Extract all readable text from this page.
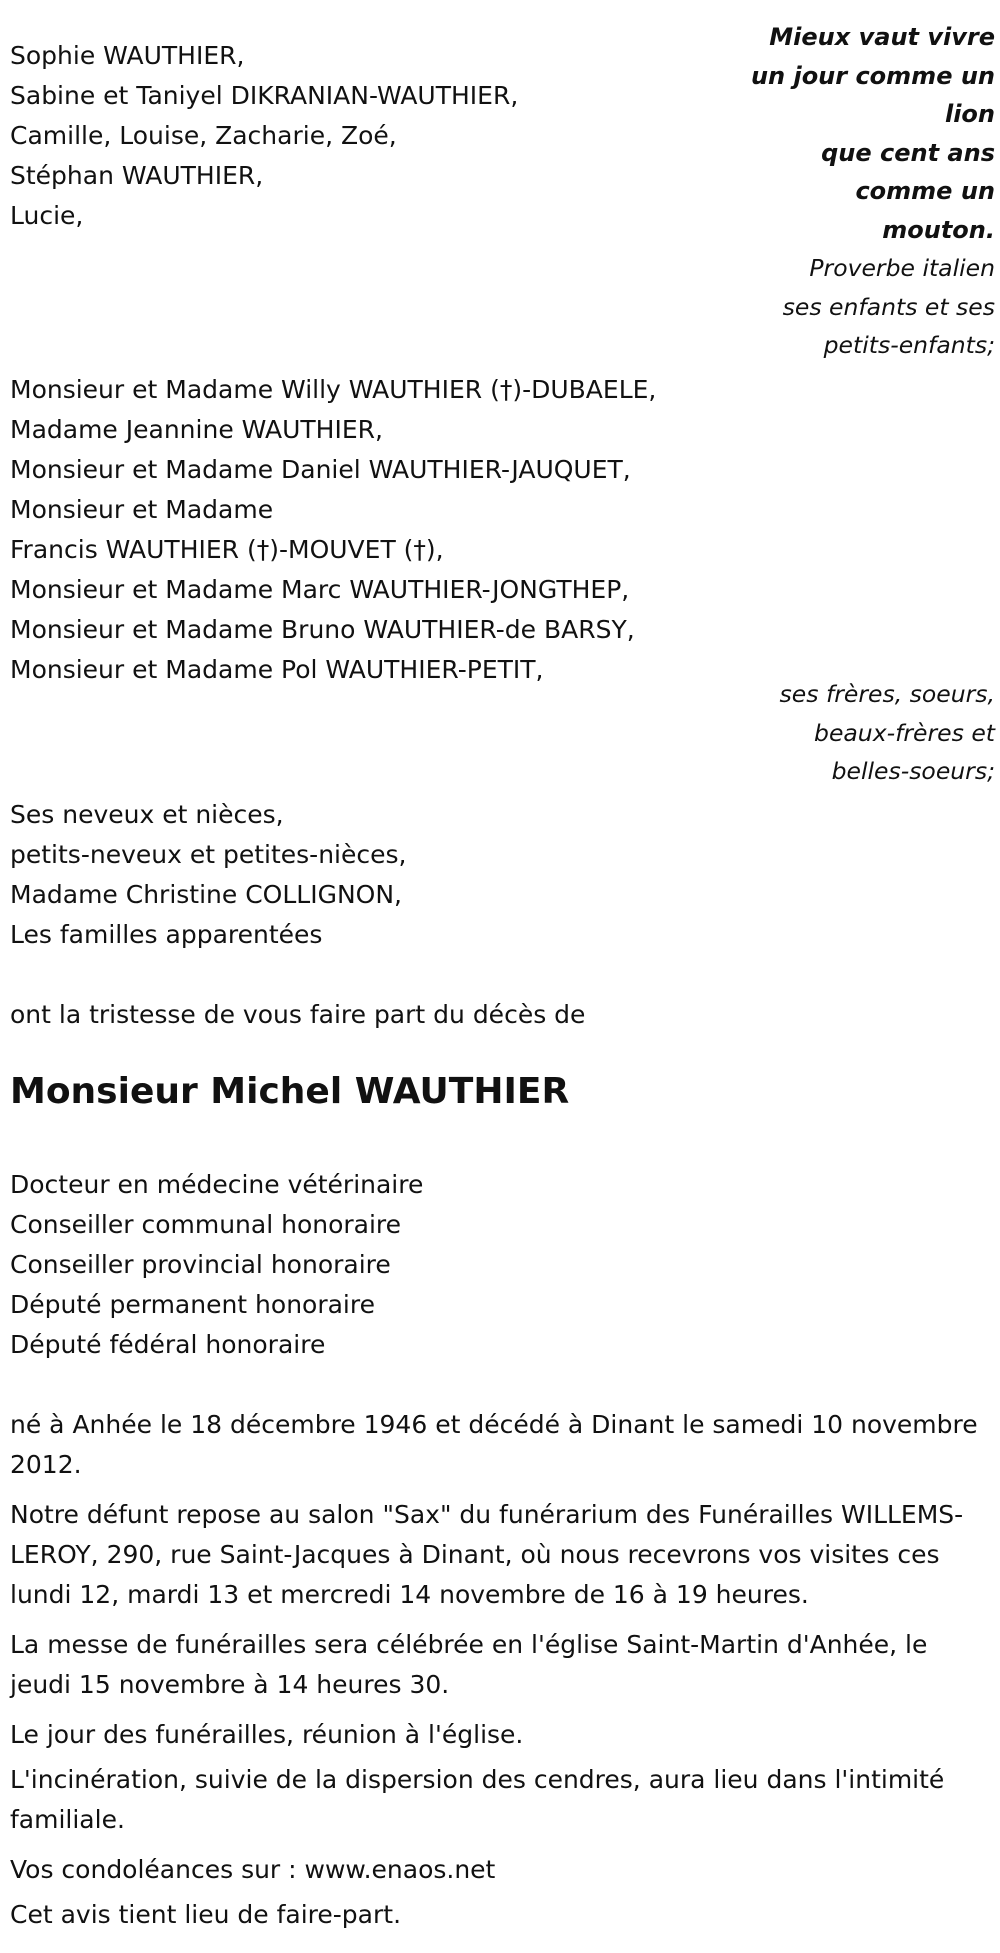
Sophie WAUTHIER,
Sabine et Taniyel DIKRANIAN-WAUTHIER,
Camille, Louise, Zacharie, Zoé,
Stéphan WAUTHIER,
Lucie,
Mieux vaut vivre
un jour comme un
lion
que cent ans
comme un
mouton.
Proverbe italien
ses enfants et ses
petits-enfants;
Monsieur et Madame Willy WAUTHIER (†)-DUBAELE,
Madame Jeannine WAUTHIER,
Monsieur et Madame Daniel WAUTHIER-JAUQUET,
Monsieur et Madame
Francis WAUTHIER (†)-MOUVET (†),
Monsieur et Madame Marc WAUTHIER-JONGTHEP,
Monsieur et Madame Bruno WAUTHIER-de BARSY,
Monsieur et Madame Pol WAUTHIER-PETIT,
ses frères, soeurs,
beaux-frères et
belles-soeurs;
Ses neveux et nièces,
petits-neveux et petites-nièces,
Madame Christine COLLIGNON,
Les familles apparentées
ont la tristesse de vous faire part du décès de
Monsieur Michel WAUTHIER
Docteur en médecine vétérinaire
Conseiller communal honoraire
Conseiller provincial honoraire
Député permanent honoraire
Député fédéral honoraire
né à Anhée le 18 décembre 1946 et décédé à Dinant le samedi 10 novembre 2012.
Notre défunt repose au salon "Sax" du funérarium des Funérailles WILLEMS-LEROY, 290, rue Saint-Jacques à Dinant, où nous recevrons vos visites ces lundi 12, mardi 13 et mercredi 14 novembre de 16 à 19 heures.
La messe de funérailles sera célébrée en l'église Saint-Martin d'Anhée, le jeudi 15 novembre à 14 heures 30.
Le jour des funérailles, réunion à l'église.
L'incinération, suivie de la dispersion des cendres, aura lieu dans l'intimité familiale.
Vos condoléances sur : www.enaos.net
Cet avis tient lieu de faire-part.
